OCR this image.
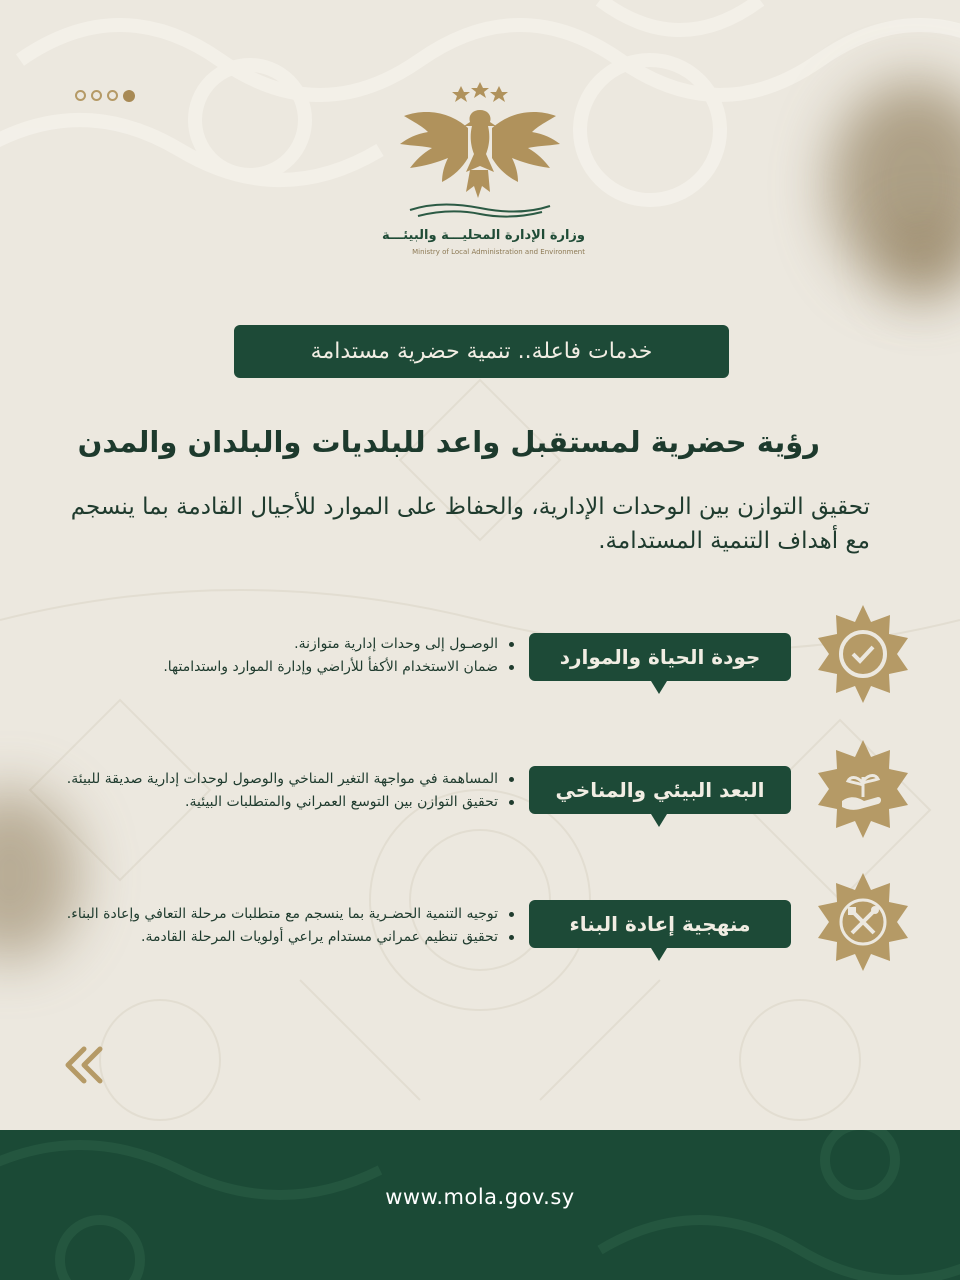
وزارة الإدارة المحليـــة والبيئـــة
Ministry of Local Administration and Environment
خدمات فاعلة.. تنمية حضرية مستدامة
رؤية حضرية لمستقبل واعد للبلديات والبلدان والمدن
تحقيق التوازن بين الوحدات الإدارية، والحفاظ على الموارد للأجيال القادمة بما ينسجم مع أهداف التنمية المستدامة.
جودة الحياة والموارد
الوصـول إلى وحدات إدارية متوازنة.
ضمان الاستخدام الأكفأ للأراضي وإدارة الموارد واستدامتها.
البعد البيئي والمناخي
المساهمة في مواجهة التغير المناخي والوصول لوحدات إدارية صديقة للبيئة.
تحقيق التوازن بين التوسع العمراني والمتطلبات البيئية.
منهجية إعادة البناء
توجيه التنمية الحضـرية بما ينسجم مع متطلبات مرحلة التعافي وإعادة البناء.
تحقيق تنظيم عمراني مستدام يراعي أولويات المرحلة القادمة.
www.mola.gov.sy
